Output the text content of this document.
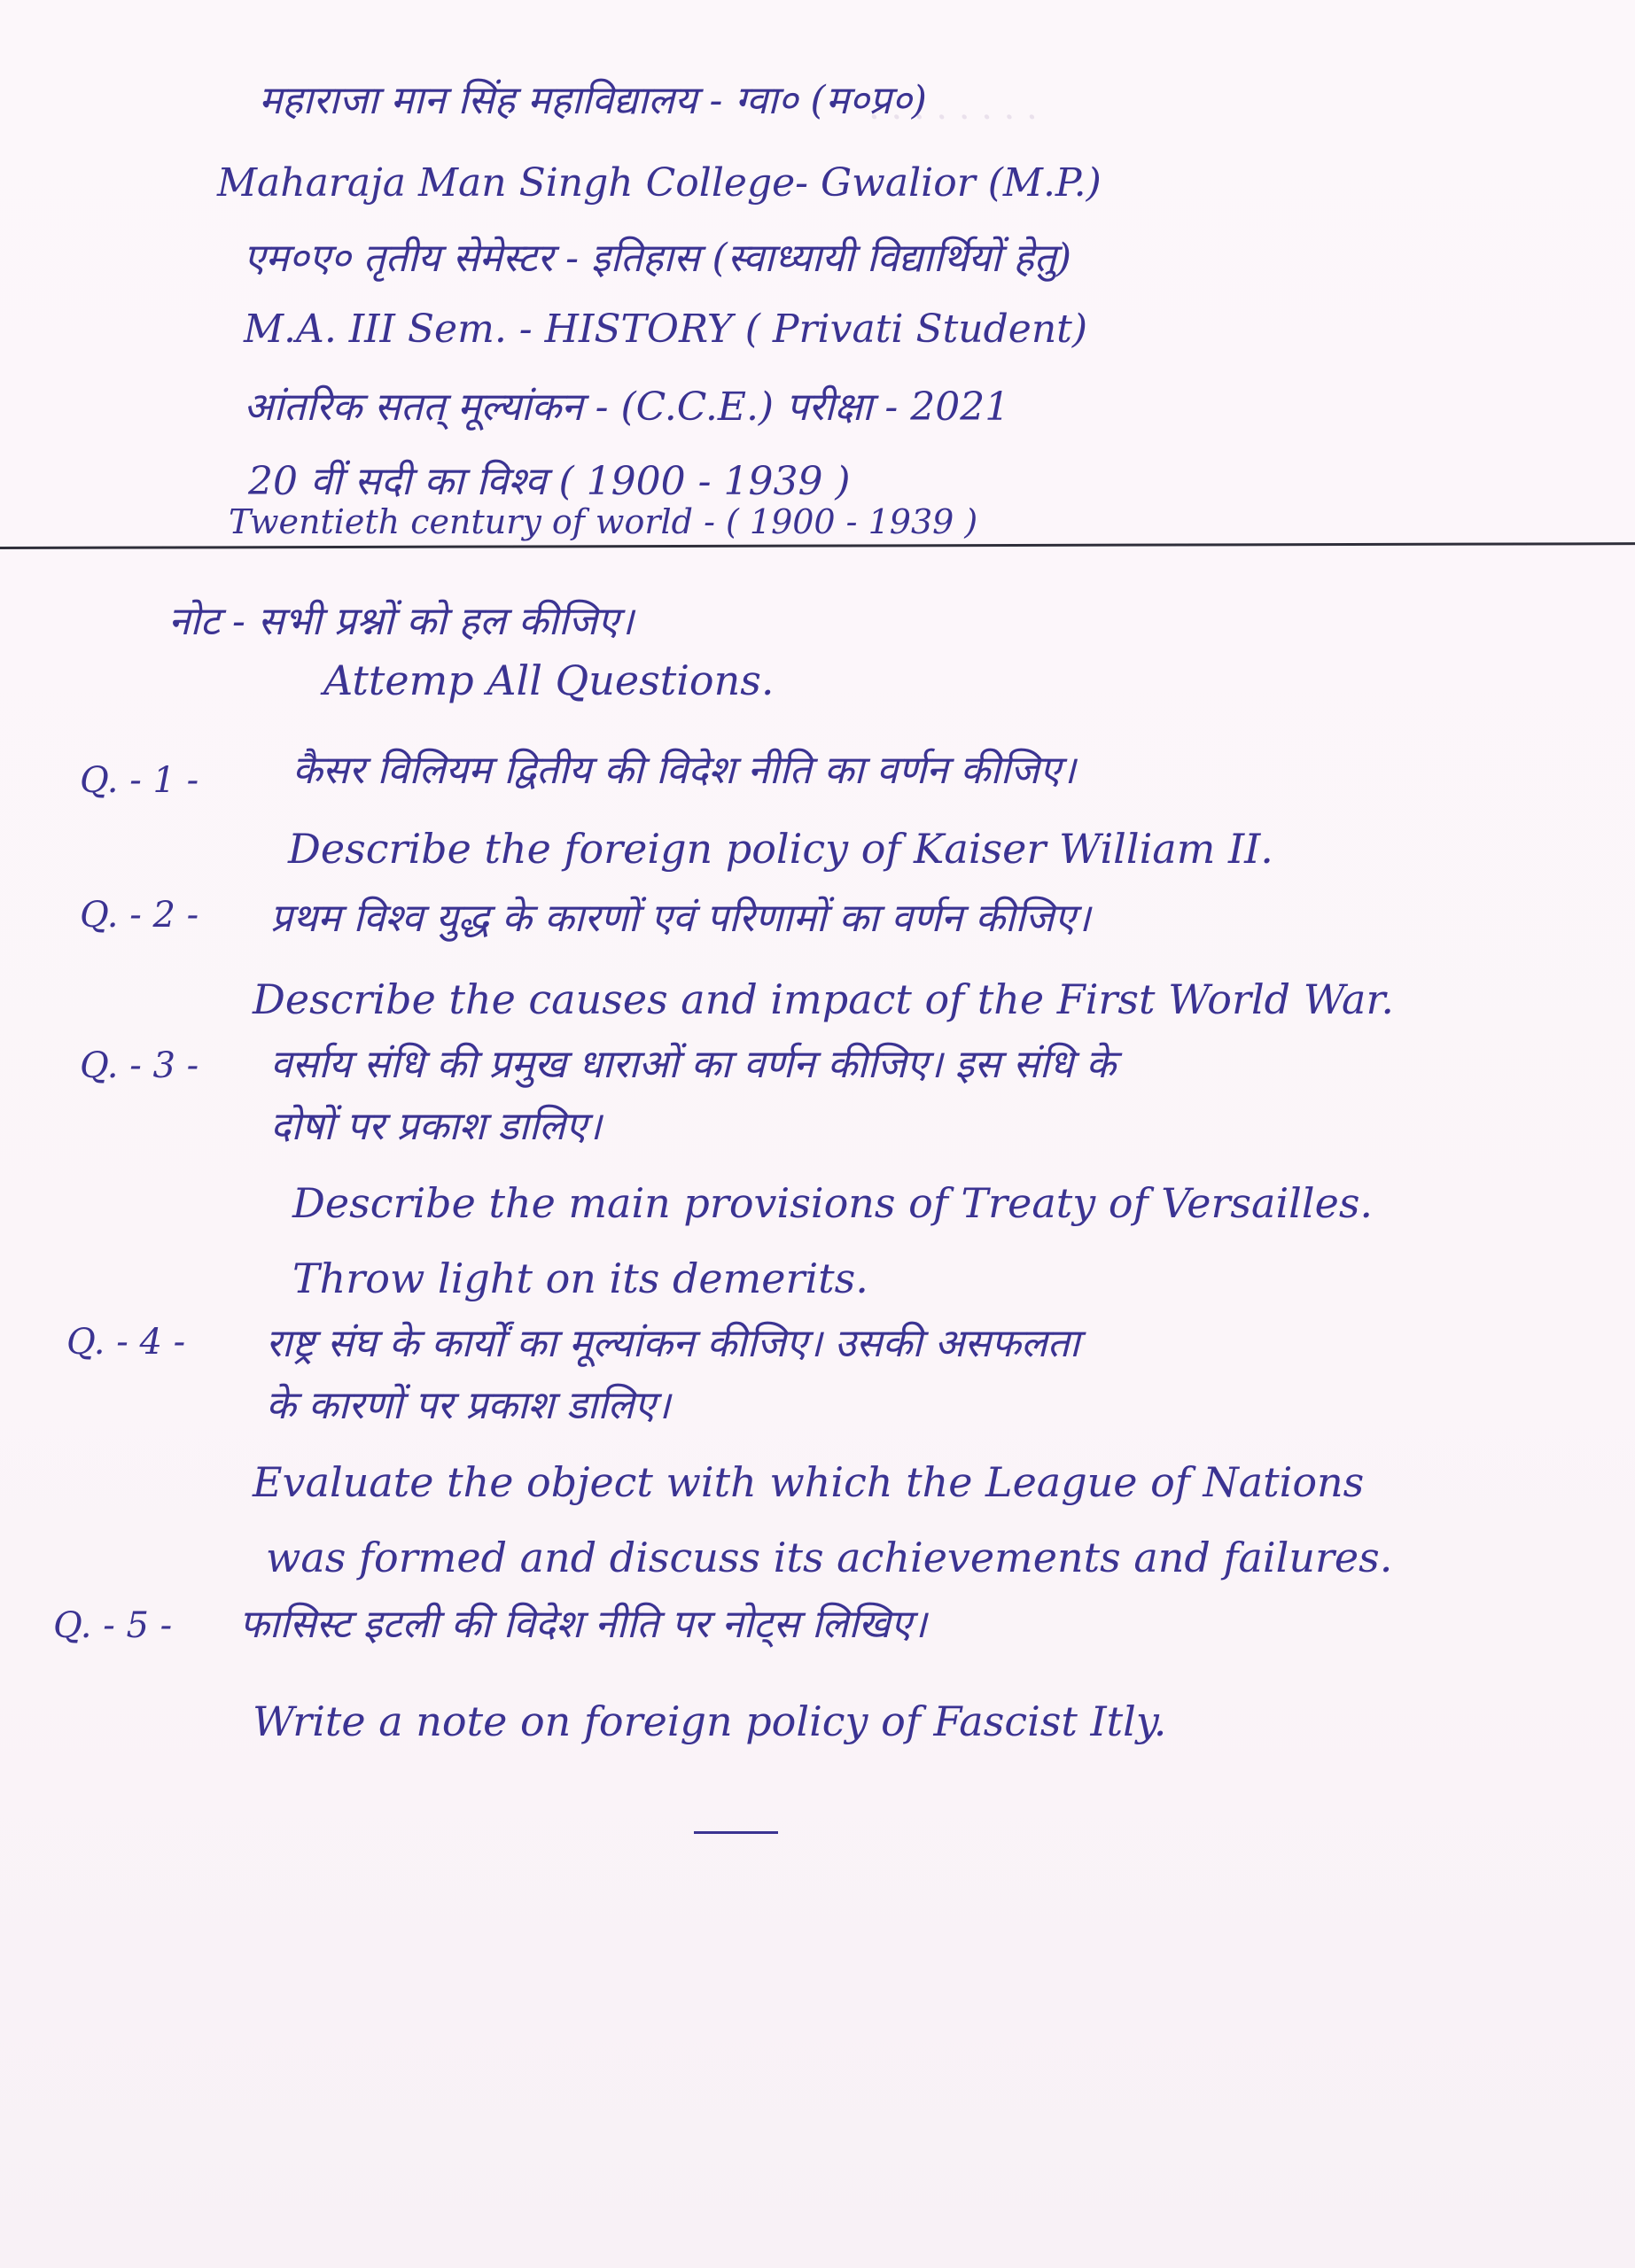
· · · · · · · ·
महाराजा मान सिंह महाविद्यालय - ग्वा० (म०प्र०)
Maharaja Man Singh College- Gwalior (M.P.)
एम०ए० तृतीय सेमेस्टर - इतिहास (स्वाध्यायी विद्यार्थियों हेतु)
M.A. III Sem. - HISTORY ( Privati Student)
आंतरिक सतत् मूल्यांकन - (C.C.E.) परीक्षा - 2021
20 वीं सदी का विश्व ( 1900 - 1939 )
Twentieth century of world - ( 1900 - 1939 )
नोट - सभी प्रश्नों को हल कीजिए।
Attemp All Questions.
Q. - 1 - कैसर विलियम द्वितीय की विदेश नीति का वर्णन कीजिए।
Describe the foreign policy of Kaiser William II.
Q. - 2 - प्रथम विश्व युद्ध के कारणों एवं परिणामों का वर्णन कीजिए।
Describe the causes and impact of the First World War.
Q. - 3 - वर्साय संधि की प्रमुख धाराओं का वर्णन कीजिए। इस संधि के
दोषों पर प्रकाश डालिए।
Describe the main provisions of Treaty of Versailles.
Throw light on its demerits.
Q. - 4 - राष्ट्र संघ के कार्यों का मूल्यांकन कीजिए। उसकी असफलता
के कारणों पर प्रकाश डालिए।
Evaluate the object with which the League of Nations
was formed and discuss its achievements and failures.
Q. - 5 - फासिस्ट इटली की विदेश नीति पर नोट्स लिखिए।
Write a note on foreign policy of Fascist Itly.
